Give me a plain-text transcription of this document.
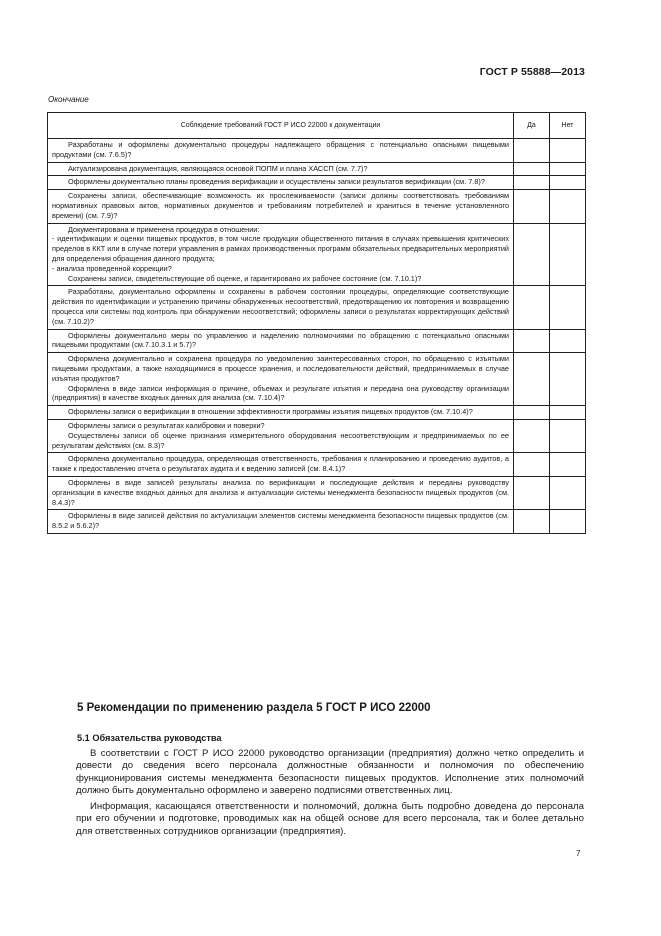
ГОСТ Р 55888—2013
Окончание
Соблюдение требований ГОСТ Р ИСО 22000 к документации	Да	Нет

Разработаны и оформлены документально процедуры надлежащего обращения с потенциально опасными пищевыми продуктами (см. 7.6.5)?		

Актуализирована документация, являющаяся основой ПОПМ и плана ХАССП (см. 7.7)?		

Оформлены документально планы проведения верификации и осуществлены записи результатов верификации (см. 7.8)?		

Сохранены записи, обеспечивающие возможность их прослеживаемости (записи должны соответствовать требованиям нормативных правовых актов, нормативных документов и требованиям потребителей и храниться в течение установленного времени) (см. 7.9)?		

Документирована и применена процедура в отношении:
- идентификации и оценки пищевых продуктов, в том числе продукции общественного питания в случаях превышения критических пределов в ККТ или в случае потери управления в рамках производственных программ обязательных предварительных мероприятий для определения обращения данного продукта;
- анализа проведенной коррекции?
Сохранены записи, свидетельствующие об оценке, и гарантировано их рабочее состояние (см. 7.10.1)?		

Разработаны, документально оформлены и сохранены в рабочем состоянии процедуры, определяющие соответствующие действия по идентификации и устранению причины обнаруженных несоответствий, предотвращению их повторения и возвращению процесса или системы под контроль при обнаружении несоответствий; оформлены записи о результатах корректирующих действий (см. 7.10.2)?		

Оформлены документально меры по управлению и наделению полномочиями по обращению с потенциально опасными пищевыми продуктами (см.7.10.3.1 и 5.7)?		

Оформлена документально и сохранена процедура по уведомлению заинтересованных сторон, по обращению с изъятыми пищевыми продуктами, а также находящимися в процессе хранения, и последовательности действий, предпринимаемых в случае изъятия продуктов?
Оформлена в виде записи информация о причине, объемах и результате изъятия и передана она руководству организации (предприятия) в качестве входных данных для анализа (см. 7.10.4)?		

Оформлены записи о верификации в отношении эффективности программы изъятия пищевых продуктов (см. 7.10.4)?		

Оформлены записи о результатах калибровки и поверки?
Осуществлены записи об оценке признания измерительного оборудования несоответствующим и предпринимаемых по ее результатам действиях (см. 8.3)?		

Оформлена документально процедура, определяющая ответственность, требования к планированию и проведению аудитов, а также к предоставлению отчета о результатах аудита и к ведению записей (см. 8.4.1)?		

Оформлены в виде записей результаты анализа по верификации и последующие действия и переданы руководству организации в качестве входных данных для анализа и актуализации системы менеджмента безопасности пищевых продуктов (см. 8.4.3)?		

Оформлены в виде записей действия по актуализации элементов системы менеджмента безопасности пищевых продуктов (см. 8.5.2 и 5.6.2)?		

5 Рекомендации по применению раздела 5 ГОСТ Р ИСО 22000
5.1 Обязательства руководства

В соответствии с ГОСТ Р ИСО 22000 руководство организации (предприятия) должно четко определить и довести до сведения всего персонала должностные обязанности и полномочия по обеспечению функционирования системы менеджмента безопасности пищевых продуктов. Исполнение этих полномочий должно быть документально оформлено и заверено подписями ответственных лиц.

Информация, касающаяся ответственности и полномочий, должна быть подробно доведена до персонала при его обучении и подготовке, проводимых как на общей основе для всего персонала, так и более детально для ответственных сотрудников организации (предприятия).

7
